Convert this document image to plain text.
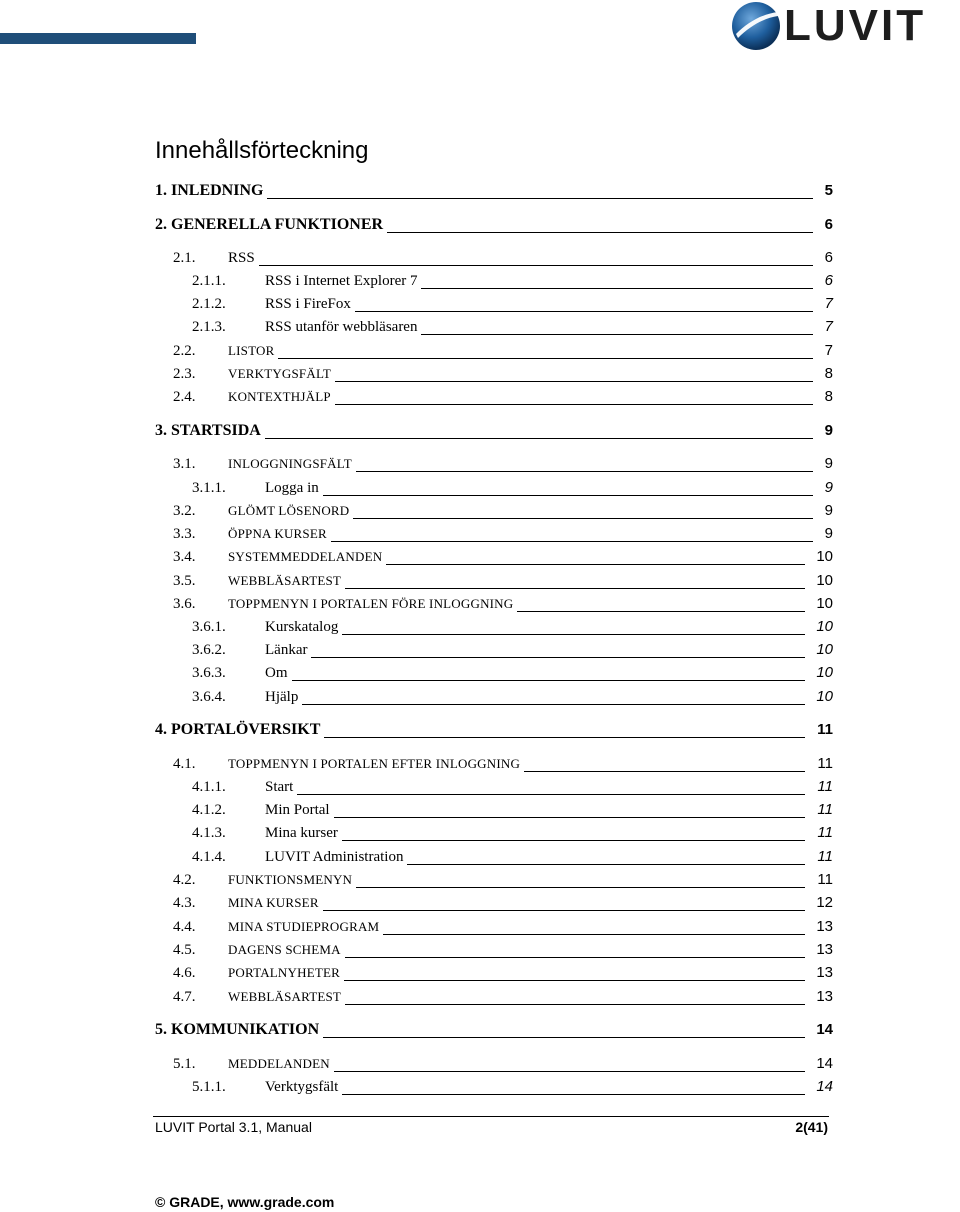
LUVIT
Innehållsförteckning
1. INLEDNING	5
2. GENERELLA FUNKTIONER	6
2.1.	RSS	6
2.1.1.	RSS i Internet Explorer 7	6
2.1.2.	RSS i FireFox	7
2.1.3.	RSS utanför webbläsaren	7
2.2.	LISTOR	7
2.3.	VERKTYGSFÄLT	8
2.4.	KONTEXTHJÄLP	8
3. STARTSIDA	9
3.1.	INLOGGNINGSFÄLT	9
3.1.1.	Logga in	9
3.2.	GLÖMT LÖSENORD	9
3.3.	ÖPPNA KURSER	9
3.4.	SYSTEMMEDDELANDEN	10
3.5.	WEBBLÄSARTEST	10
3.6.	TOPPMENYN I PORTALEN FÖRE INLOGGNING	10
3.6.1.	Kurskatalog	10
3.6.2.	Länkar	10
3.6.3.	Om	10
3.6.4.	Hjälp	10
4. PORTALÖVERSIKT	11
4.1.	TOPPMENYN I PORTALEN EFTER INLOGGNING	11
4.1.1.	Start	11
4.1.2.	Min Portal	11
4.1.3.	Mina kurser	11
4.1.4.	LUVIT Administration	11
4.2.	FUNKTIONSMENYN	11
4.3.	MINA KURSER	12
4.4.	MINA STUDIEPROGRAM	13
4.5.	DAGENS SCHEMA	13
4.6.	PORTALNYHETER	13
4.7.	WEBBLÄSARTEST	13
5. KOMMUNIKATION	14
5.1.	MEDDELANDEN	14
5.1.1.	Verktygsfält	14
LUVIT Portal 3.1, Manual	2(41)
© GRADE, www.grade.com
